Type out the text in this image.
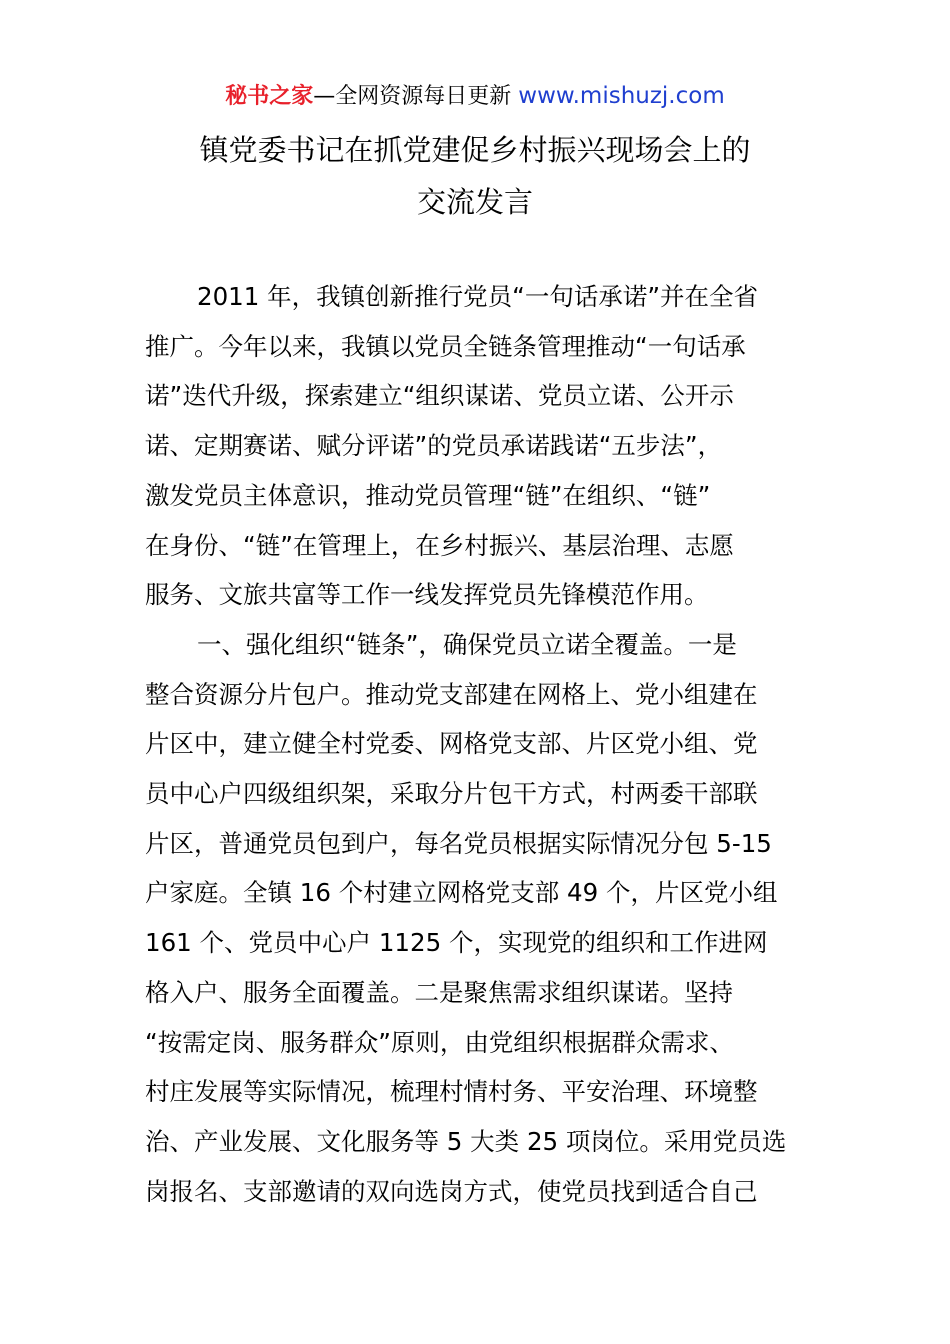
秘书之家—全网资源每日更新 www.mishuzj.com
镇党委书记在抓党建促乡村振兴现场会上的
交流发言
2011 年，我镇创新推行党员“一句话承诺”并在全省
推广。今年以来，我镇以党员全链条管理推动“一句话承
诺”迭代升级，探索建立“组织谋诺、党员立诺、公开示
诺、定期赛诺、赋分评诺”的党员承诺践诺“五步法”，
激发党员主体意识，推动党员管理“链”在组织、“链”
在身份、“链”在管理上，在乡村振兴、基层治理、志愿
服务、文旅共富等工作一线发挥党员先锋模范作用。
一、强化组织“链条”，确保党员立诺全覆盖。一是
整合资源分片包户。推动党支部建在网格上、党小组建在
片区中，建立健全村党委、网格党支部、片区党小组、党
员中心户四级组织架，采取分片包干方式，村两委干部联
片区，普通党员包到户，每名党员根据实际情况分包 5-15
户家庭。全镇 16 个村建立网格党支部 49 个，片区党小组
161 个、党员中心户 1125 个，实现党的组织和工作进网
格入户、服务全面覆盖。二是聚焦需求组织谋诺。坚持
“按需定岗、服务群众”原则，由党组织根据群众需求、
村庄发展等实际情况，梳理村情村务、平安治理、环境整
治、产业发展、文化服务等 5 大类 25 项岗位。采用党员选
岗报名、支部邀请的双向选岗方式，使党员找到适合自己
